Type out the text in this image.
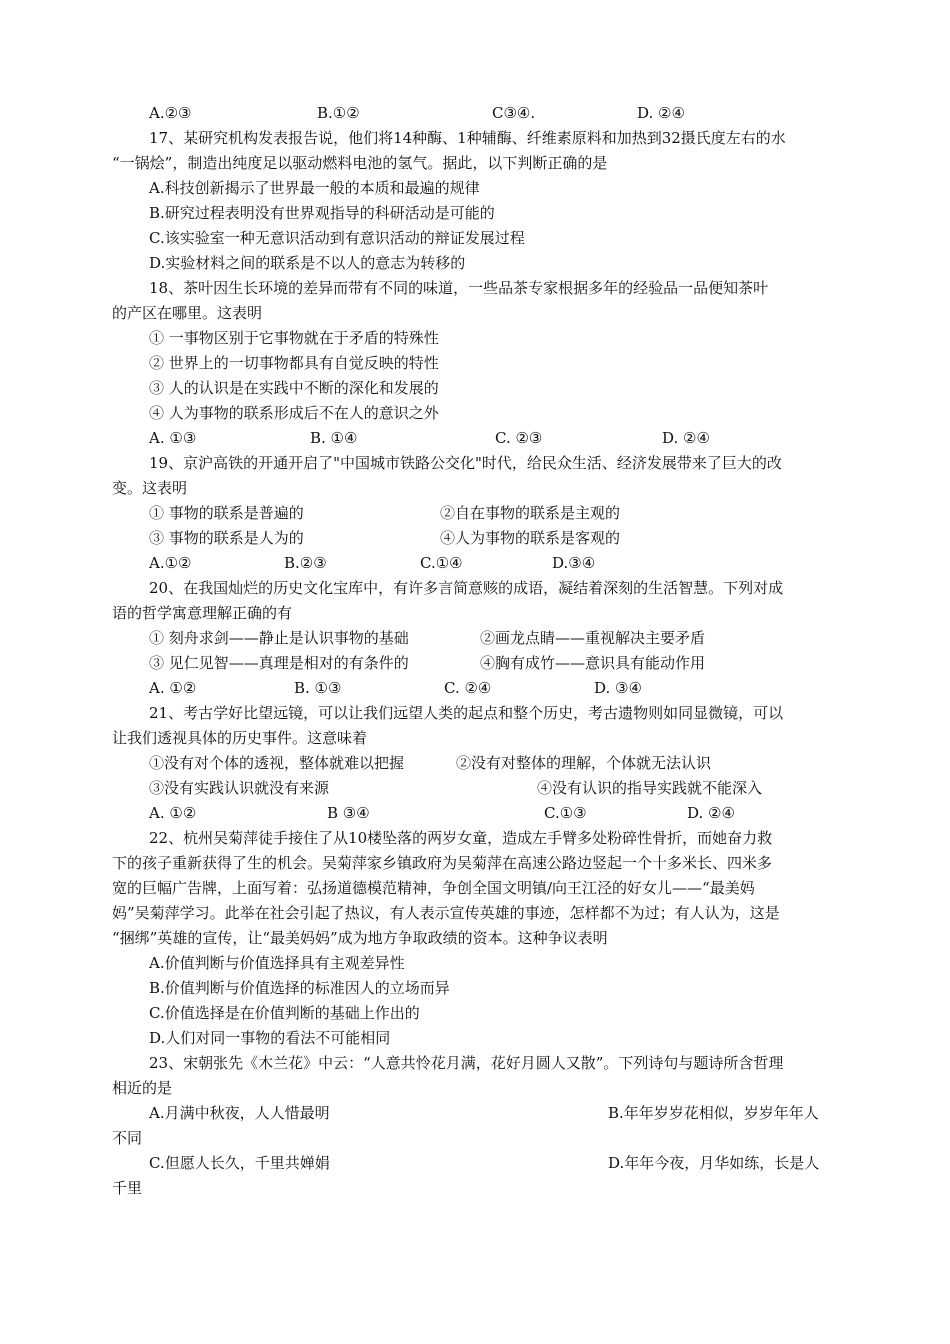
A.②③	B.①②	C③④.	D. ②④
17、某研究机构发表报告说，他们将14种酶、1种辅酶、纤维素原料和加热到32摄氏度左右的水
“一锅烩”，制造出纯度足以驱动燃料电池的氢气。据此，以下判断正确的是
A.科技创新揭示了世界最一般的本质和最遍的规律
B.研究过程表明没有世界观指导的科研活动是可能的
C.该实验室一种无意识活动到有意识活动的辩证发展过程
D.实验材料之间的联系是不以人的意志为转移的
18、茶叶因生长环境的差异而带有不同的味道，一些品茶专家根据多年的经验品一品便知茶叶
的产区在哪里。这表明
① 一事物区别于它事物就在于矛盾的特殊性
② 世界上的一切事物都具有自觉反映的特性
③ 人的认识是在实践中不断的深化和发展的
④ 人为事物的联系形成后不在人的意识之外
A. ①③	B. ①④	C. ②③	D. ②④
19、京沪高铁的开通开启了"中国城市铁路公交化"时代，给民众生活、经济发展带来了巨大的改
变。这表明
① 事物的联系是普遍的	②自在事物的联系是主观的
③ 事物的联系是人为的	④人为事物的联系是客观的
A.①②	B.②③	C.①④	D.③④
20、在我国灿烂的历史文化宝库中，有许多言简意赅的成语，凝结着深刻的生活智慧。下列对成
语的哲学寓意理解正确的有
① 刻舟求剑——静止是认识事物的基础	②画龙点睛——重视解决主要矛盾
③ 见仁见智——真理是相对的有条件的	④胸有成竹——意识具有能动作用
A. ①②	B. ①③	C. ②④	D. ③④
21、考古学好比望远镜，可以让我们远望人类的起点和整个历史，考古遗物则如同显微镜，可以
让我们透视具体的历史事件。这意味着
①没有对个体的透视，整体就难以把握	②没有对整体的理解，个体就无法认识
③没有实践认识就没有来源	④没有认识的指导实践就不能深入
A. ①②	B ③④	C.①③	D. ②④
22、杭州吴菊萍徒手接住了从10楼坠落的两岁女童，造成左手臂多处粉碎性骨折，而她奋力救
下的孩子重新获得了生的机会。吴菊萍家乡镇政府为吴菊萍在高速公路边竖起一个十多米长、四米多
宽的巨幅广告牌，上面写着：弘扬道德模范精神，争创全国文明镇/向王江泾的好女儿——“最美妈
妈”吴菊萍学习。此举在社会引起了热议，有人表示宣传英雄的事迹，怎样都不为过；有人认为，这是
“捆绑”英雄的宣传，让“最美妈妈”成为地方争取政绩的资本。这种争议表明
A.价值判断与价值选择具有主观差异性
B.价值判断与价值选择的标准因人的立场而异
C.价值选择是在价值判断的基础上作出的
D.人们对同一事物的看法不可能相同
23、宋朝张先《木兰花》中云：“人意共怜花月满，花好月圆人又散”。下列诗句与题诗所含哲理
相近的是
A.月满中秋夜，人人惜最明	B.年年岁岁花相似，岁岁年年人
不同
C.但愿人长久，千里共婵娟	D.年年今夜，月华如练，长是人
千里
